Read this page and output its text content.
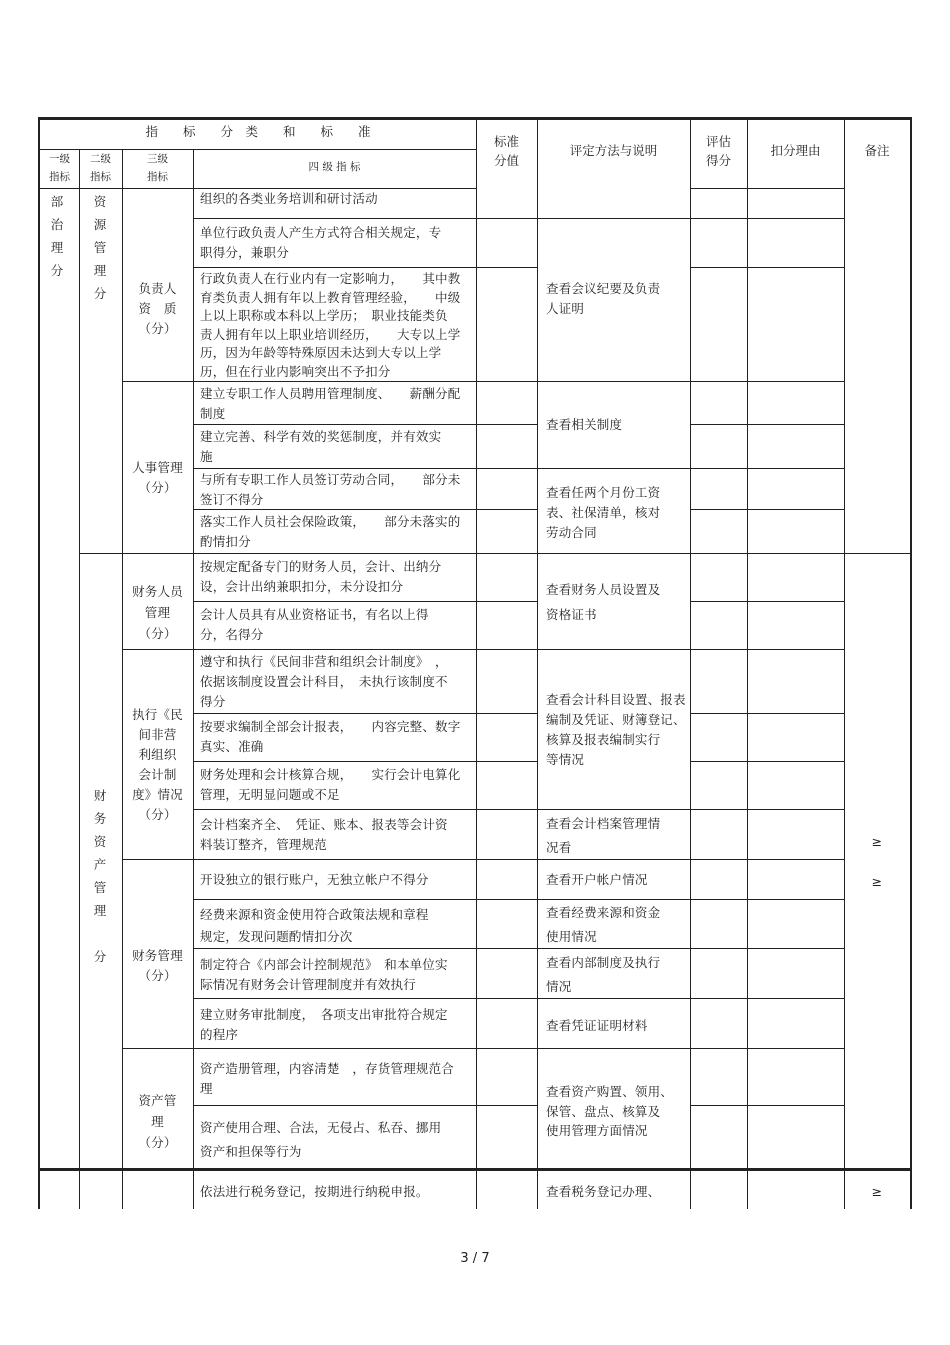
指　　标　　分　类　　和　　标　　准
标准
分值
评定方法与说明
评估
得分
扣分理由	备注
一级
指标
二级
指标
三级
指标
四 级 指 标
部
治
理
分
资
源
管
理
分
财
务
资
产
管
理

分
负责人
资　质
（分）
人事管理
（分）
财务人员
管理
（分）
执行《民
间非营
利组织
会计制
度》情况
（分）
财务管理
（分）
资产管
理
（分）
组织的各类业务培训和研讨活动
单位行政负责人产生方式符合相关规定，专
职得分，兼职分
行政负责人在行业内有一定影响力，　　其中教
育类负责人拥有年以上教育管理经验，　　中级
上以上职称或本科以上学历；　职业技能类负
责人拥有年以上职业培训经历，　　大专以上学
历，因为年龄等特殊原因未达到大专以上学
历，但在行业内影响突出不予扣分
建立专职工作人员聘用管理制度、　　薪酬分配
制度
建立完善、科学有效的奖惩制度，并有效实
施
与所有专职工作人员签订劳动合同，　　部分未
签订不得分
落实工作人员社会保险政策，　　部分未落实的
酌情扣分
按规定配备专门的财务人员，会计、出纳分
设，会计出纳兼职扣分，未分设扣分
会计人员具有从业资格证书，有名以上得
分，名得分
遵守和执行《民间非营和组织会计制度》　，
依据该制度设置会计科目，　未执行该制度不
得分
按要求编制全部会计报表，　　内容完整、数字
真实、准确
财务处理和会计核算合规，　　实行会计电算化
管理，无明显问题或不足
会计档案齐全、　凭证、账本、报表等会计资
料装订整齐，管理规范
开设独立的银行账户，无独立帐户不得分
经费来源和资金使用符合政策法规和章程
规定，发现问题酌情扣分次
制定符合《内部会计控制规范》　和本单位实
际情况有财务会计管理制度并有效执行
建立财务审批制度，　各项支出审批符合规定
的程序
资产造册管理，内容清楚　，存货管理规范合
理
资产使用合理、合法，无侵占、私吞、挪用
资产和担保等行为
依法进行税务登记，按期进行纳税申报。
查看会议纪要及负责
人证明
查看相关制度
查看任两个月份工资
表、社保清单，核对
劳动合同
查看财务人员设置及
资格证书
查看会计科目设置、报表
编制及凭证、财簿登记、
核算及报表编制实行
等情况
查看会计档案管理情
况看
查看开户帐户情况
查看经费来源和资金
使用情况
查看内部制度及执行
情况
查看凭证证明材料
查看资产购置、领用、
保管、盘点、核算及
使用管理方面情况
查看税务登记办理、
≥
≥
≥
3 / 7
